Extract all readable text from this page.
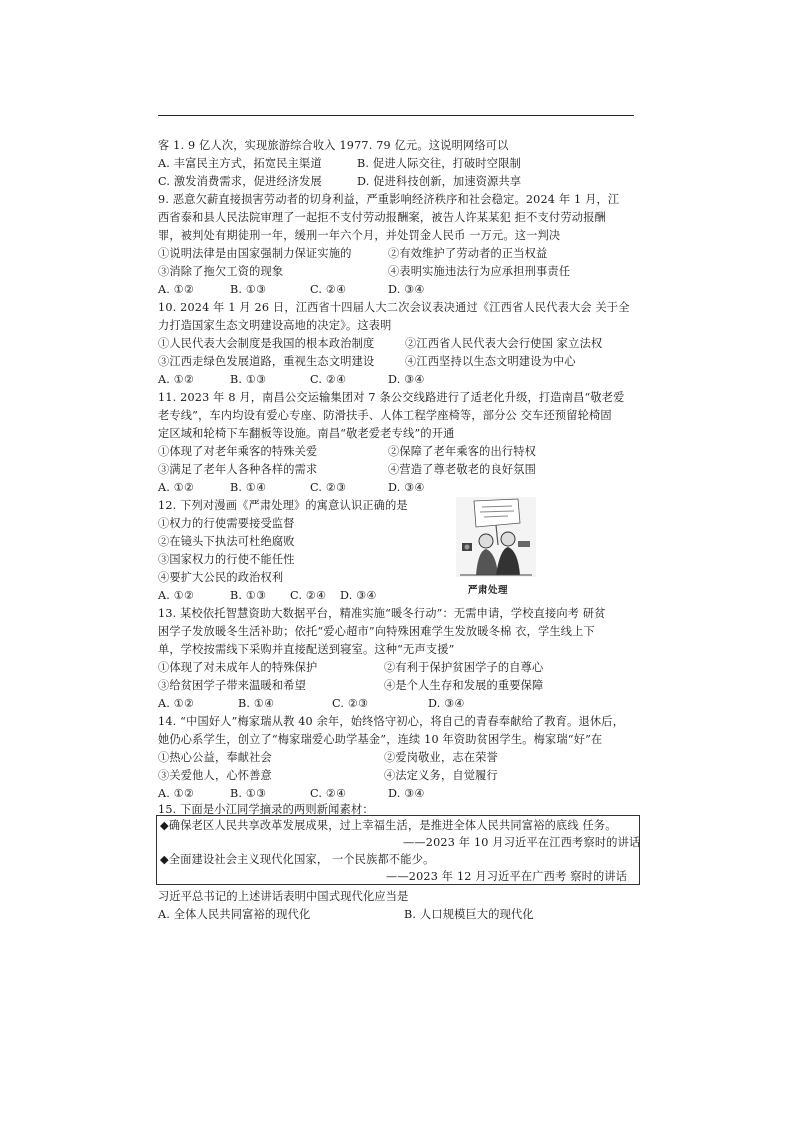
客 1. 9 亿人次，实现旅游综合收入 1977. 79 亿元。这说明网络可以
A. 丰富民主方式，拓宽民主渠道	B. 促进人际交往，打破时空限制
C. 激发消费需求，促进经济发展	D. 促进科技创新，加速资源共享
9. 恶意欠薪直接损害劳动者的切身利益，严重影响经济秩序和社会稳定。2024 年 1 月，江
西省泰和县人民法院审理了一起拒不支付劳动报酬案，被告人许某某犯 拒不支付劳动报酬
罪，被判处有期徒刑一年，缓刑一年六个月，并处罚金人民币 一万元。这一判决
①说明法律是由国家强制力保证实施的	②有效维护了劳动者的正当权益
③消除了拖欠工资的现象	④表明实施违法行为应承担刑事责任
A. ①②	B. ①③	C. ②④	D. ③④
10. 2024 年 1 月 26 日，江西省十四届人大二次会议表决通过《江西省人民代表大会 关于全
力打造国家生态文明建设高地的决定》。这表明
①人民代表大会制度是我国的根本政治制度	②江西省人民代表大会行使国 家立法权
③江西走绿色发展道路，重视生态文明建设	④江西坚持以生态文明建设为中心
A. ①②	B. ①③	C. ②④	D. ③④
11. 2023 年 8 月，南昌公交运输集团对 7 条公交线路进行了适老化升级，打造南昌“敬老爱
老专线”，车内均设有爱心专座、防滑扶手、人体工程学座椅等，部分公 交车还预留轮椅固
定区域和轮椅下车翻板等设施。南昌“敬老爱老专线”的开通
①体现了对老年乘客的特殊关爱	②保障了老年乘客的出行特权
③满足了老年人各种各样的需求	④营造了尊老敬老的良好氛围
A. ①②	B. ①④	C. ②③	D. ③④
12. 下列对漫画《严肃处理》的寓意认识正确的是
①权力的行使需要接受监督
②在镜头下执法可杜绝腐败
③国家权力的行使不能任性
④要扩大公民的政治权利
A. ①②	B. ①③ C. ②④ D. ③④	严肃处理
13. 某校依托智慧资助大数据平台，精准实施“暖冬行动”：无需申请，学校直接向考 研贫
困学子发放暖冬生活补助；依托“爱心超市”向特殊困难学生发放暖冬棉 衣，学生线上下
单，学校按需线下采购并直接配送到寝室。这种“无声支援”
①体现了对未成年人的特殊保护	②有利于保护贫困学子的自尊心
③给贫困学子带来温暖和希望	④是个人生存和发展的重要保障
A. ①②	B. ①④	C. ②③	D. ③④
14. “中国好人”梅家瑞从教 40 余年，始终恪守初心，将自己的青春奉献给了教育。退休后，
她仍心系学生，创立了“梅家瑞爱心助学基金”，连续 10 年资助贫困学生。梅家瑞“好”在
①热心公益，奉献社会	②爱岗敬业，志在荣誉
③关爱他人，心怀善意	④法定义务，自觉履行
A. ①②	B. ①③	C. ②④	D. ③④
15. 下面是小江同学摘录的两则新闻素材：
◆确保老区人民共享改革发展成果，过上幸福生活，是推进全体人民共同富裕的底线 任务。
——2023 年 10 月习近平在江西考察时的讲话
◆全面建设社会主义现代化国家， 一个民族都不能少。
——2023 年 12 月习近平在广西考 察时的讲话
习近平总书记的上述讲话表明中国式现代化应当是
A. 全体人民共同富裕的现代化	B. 人口规模巨大的现代化
